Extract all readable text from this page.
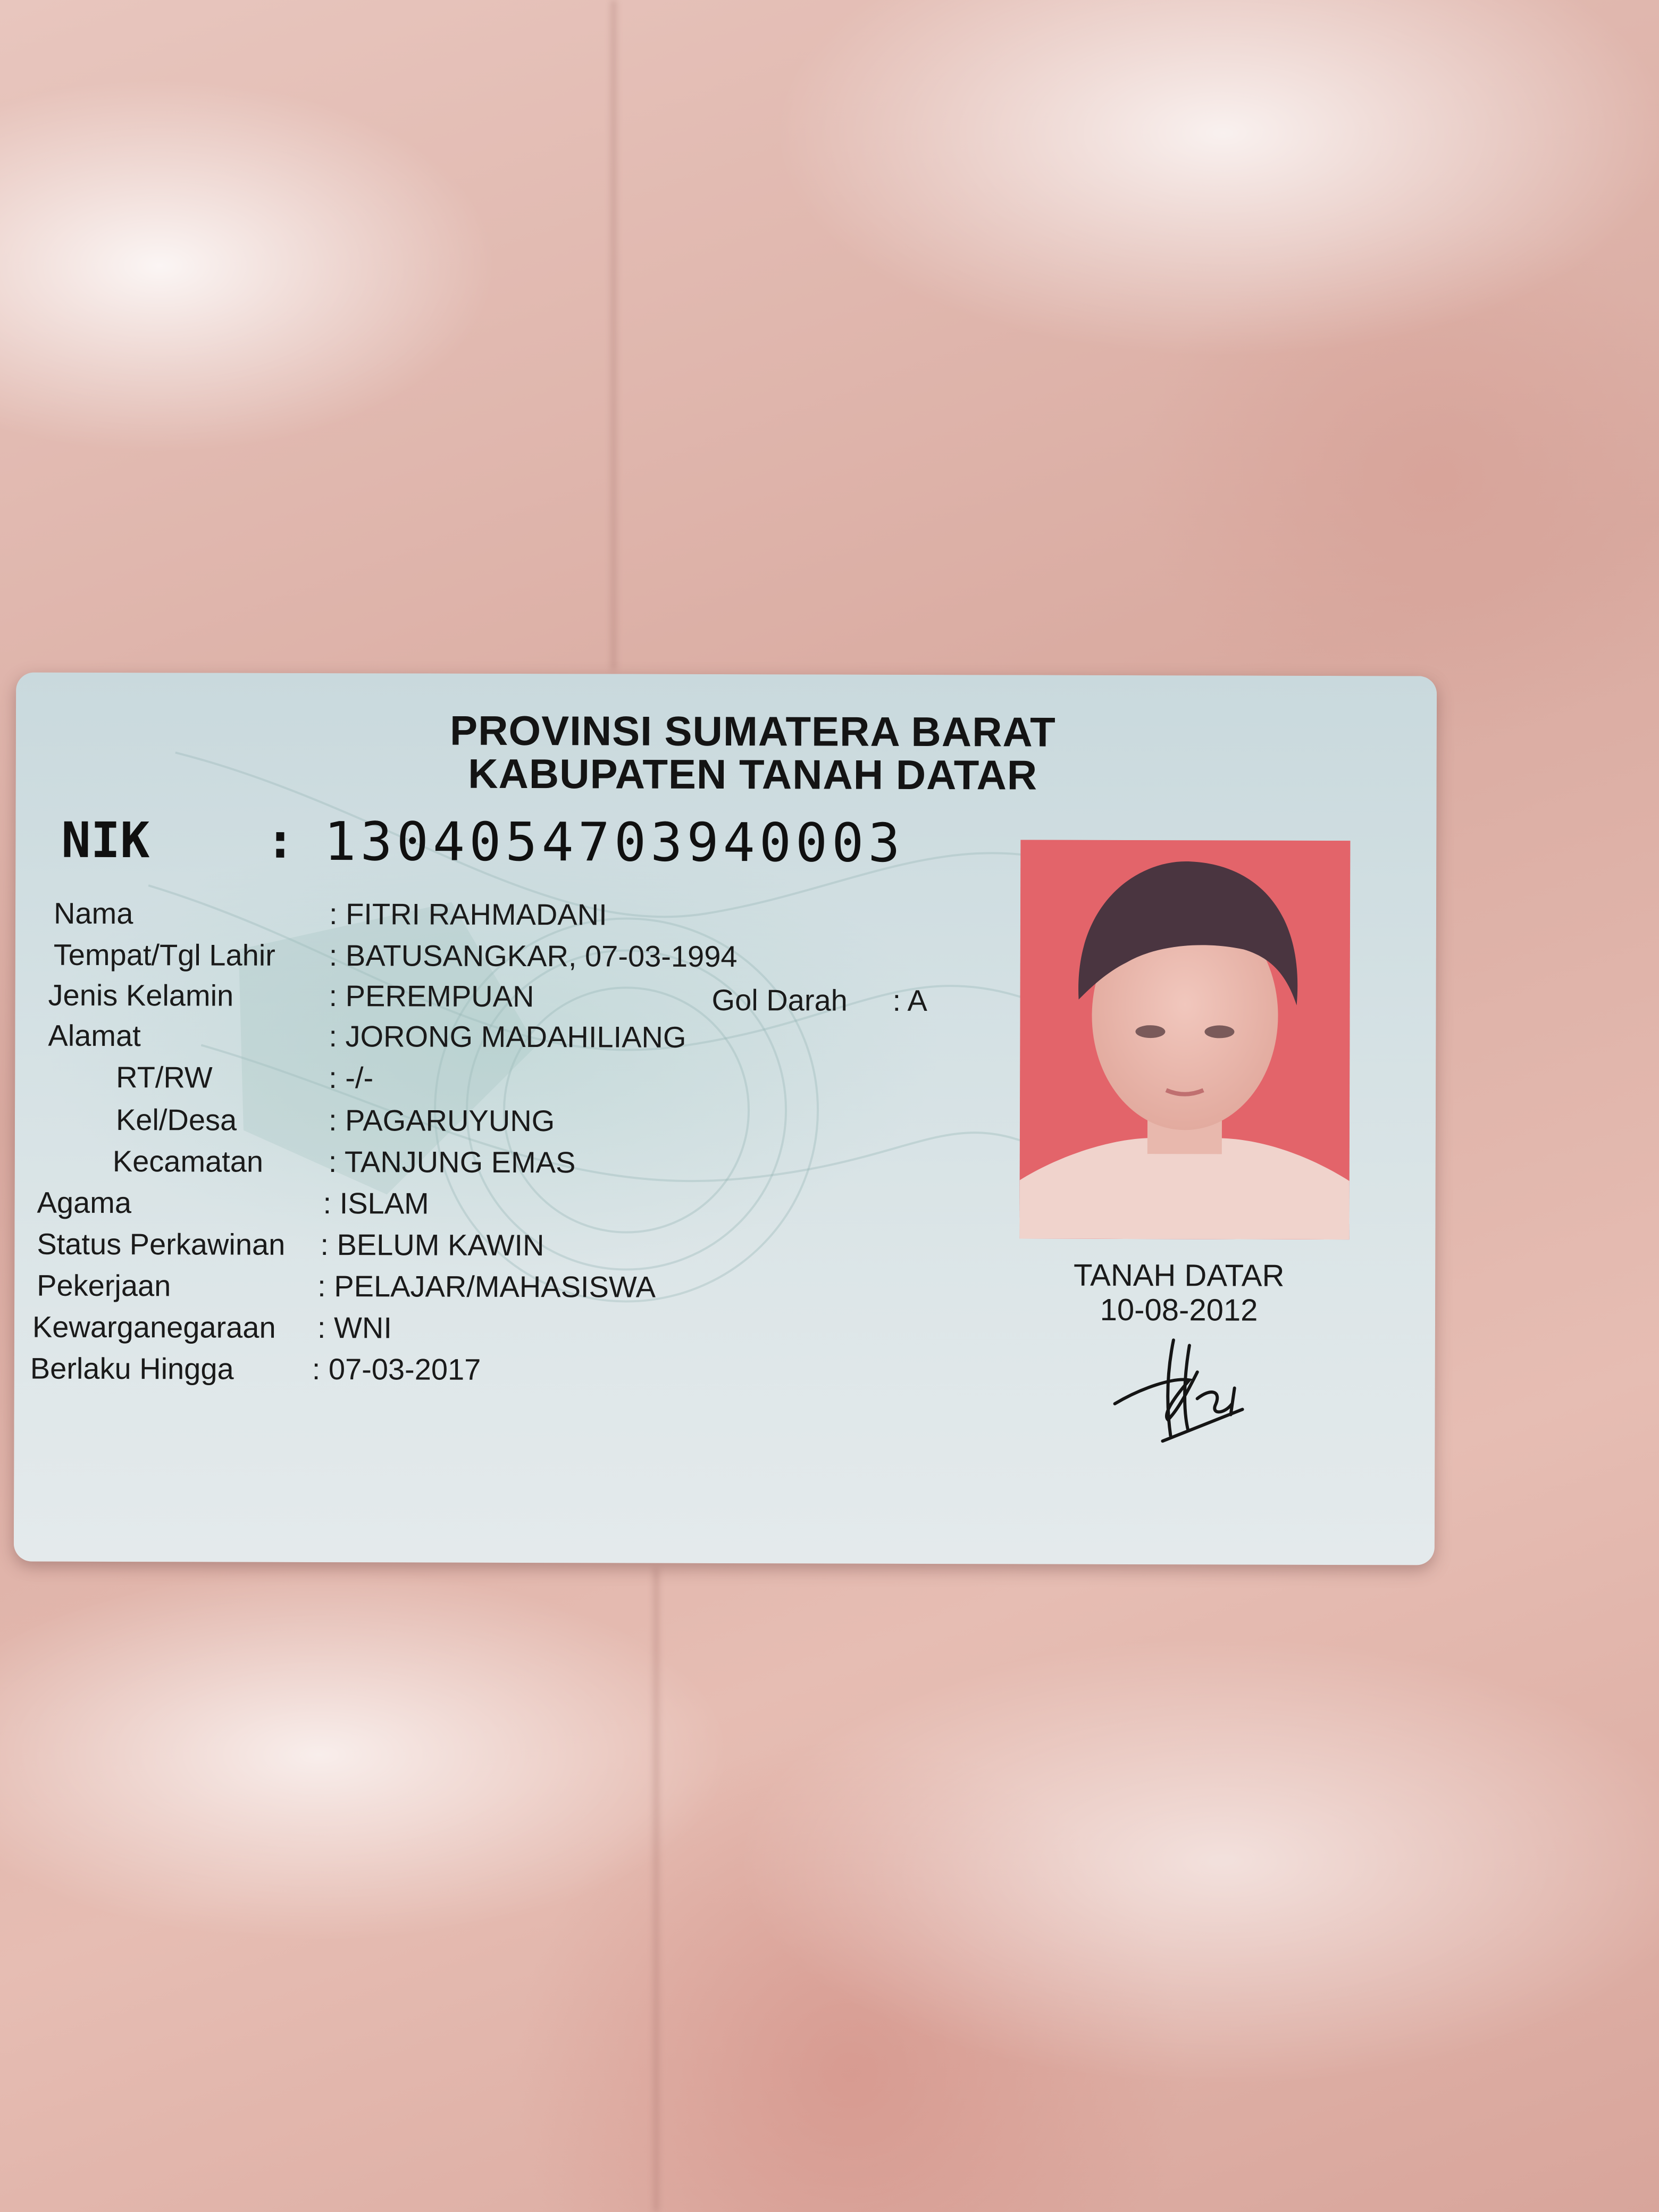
PROVINSI SUMATERA BARAT
KABUPATEN TANAH DATAR
NIK : 1304054703940003
Nama	: FITRI RAHMADANI
Tempat/Tgl Lahir : BATUSANGKAR, 07-03-1994
Jenis Kelamin	: PEREMPUAN	Gol Darah : A
Alamat	: JORONG MADAHILIANG
RT/RW	: -/-
Kel/Desa	: PAGARUYUNG
Kecamatan : TANJUNG EMAS
Agama	: ISLAM
Status Perkawinan : BELUM KAWIN
Pekerjaan	: PELAJAR/MAHASISWA
Kewarganegaraan : WNI
Berlaku Hingga	: 07-03-2017
TANAH DATAR
10-08-2012
